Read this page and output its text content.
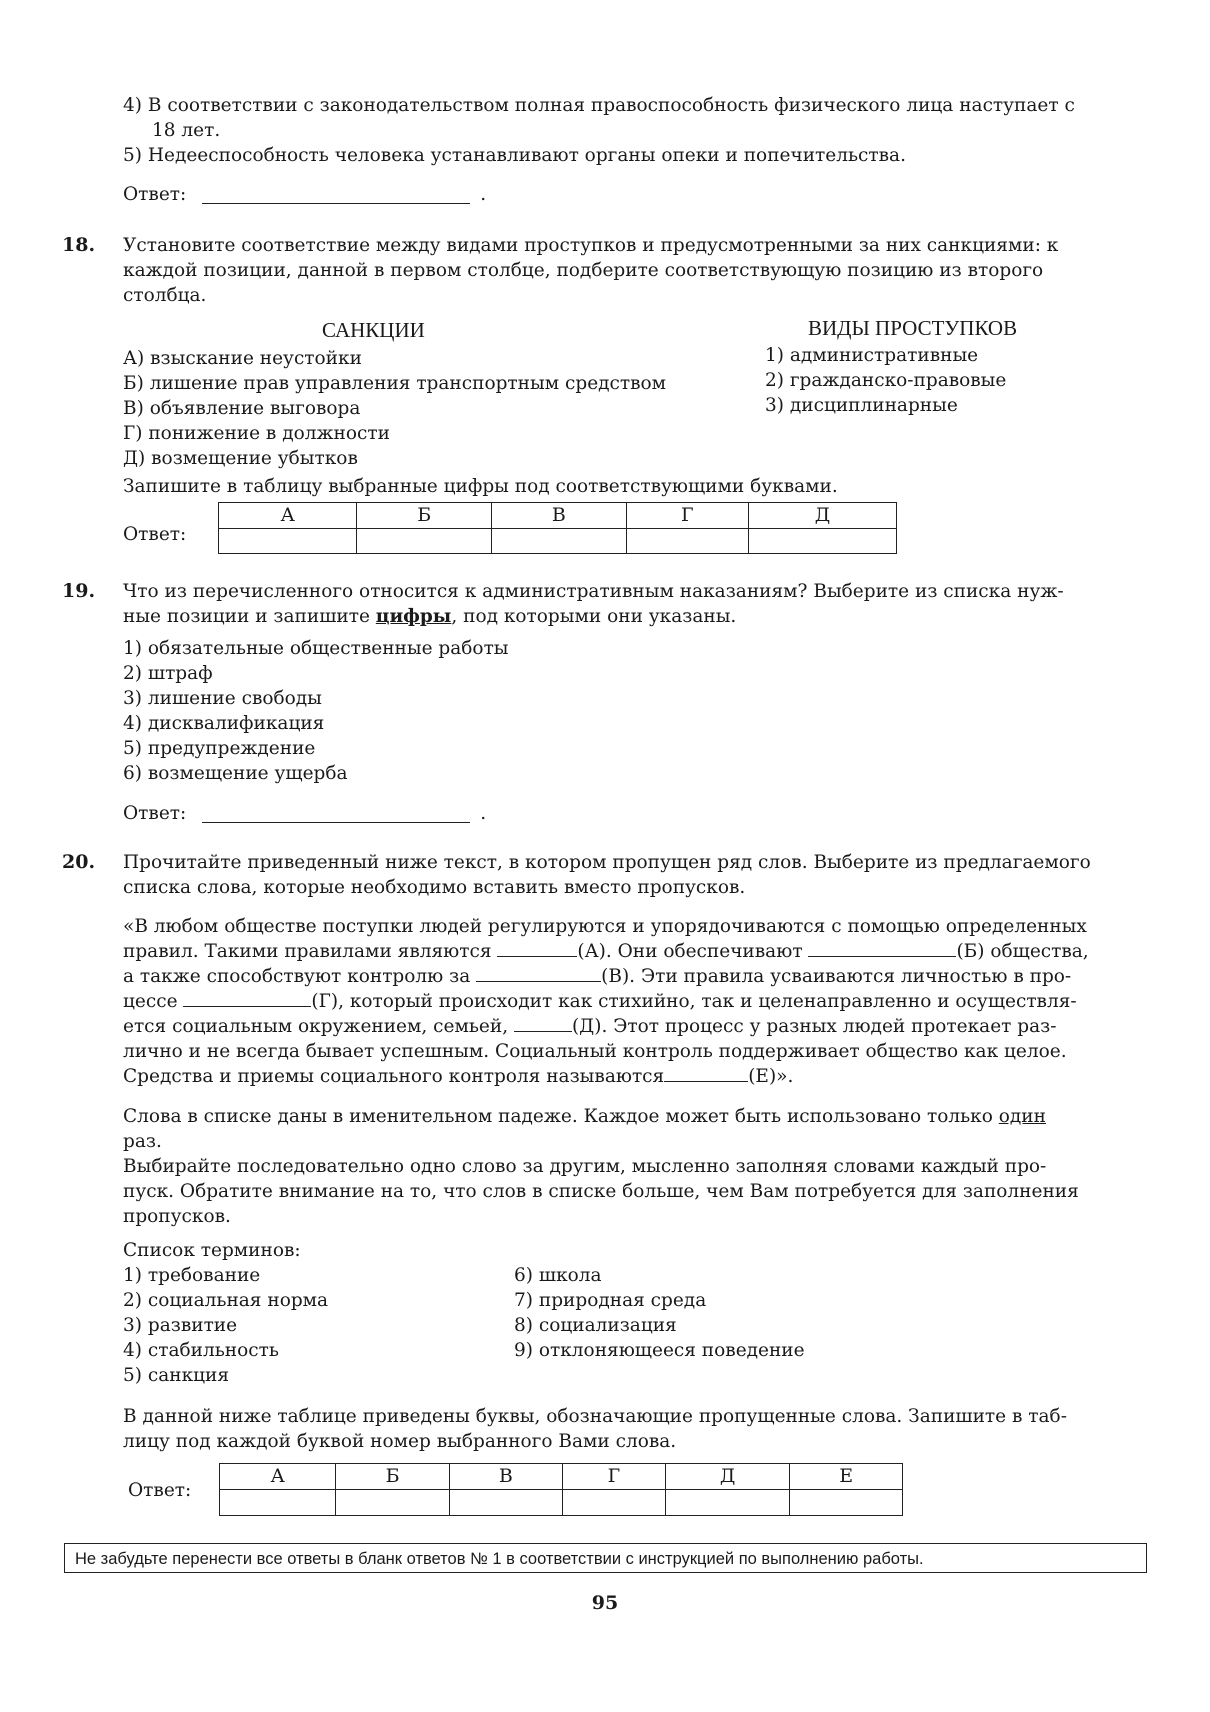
4) В соответствии с законодательством полная правоспособность физического лица наступает с
18 лет.
5) Недееспособность человека устанавливают органы опеки и попечительства.
Ответ:	.
18. Установите соответствие между видами проступков и предусмотренными за них санкциями: к
каждой позиции, данной в первом столбце, подберите соответствующую позицию из второго
столбца.
САНКЦИИ	ВИДЫ ПРОСТУПКОВ
А) взыскание неустойки
Б) лишение прав управления транспортным средством
В) объявление выговора
Г) понижение в должности
Д) возмещение убытков
1) административные
2) гражданско-правовые
3) дисциплинарные
Запишите в таблицу выбранные цифры под соответствующими буквами.
Ответ:
А	Б	В	Г	Д

19. Что из перечисленного относится к административным наказаниям? Выберите из списка нуж-
ные позиции и запишите цифры, под которыми они указаны.
1) обязательные общественные работы
2) штраф
3) лишение свободы
4) дисквалификация
5) предупреждение
6) возмещение ущерба
Ответ:	.
20. Прочитайте приведенный ниже текст, в котором пропущен ряд слов. Выберите из предлагаемого
списка слова, которые необходимо вставить вместо пропусков.
«В любом обществе поступки людей регулируются и упорядочиваются с помощью определенных
правил. Такими правилами являются	(А). Они обеспечивают	(Б) общества,
а также способствуют контролю за	(В). Эти правила усваиваются личностью в про-
цессе	(Г), который происходит как стихийно, так и целенаправленно и осуществля-
ется социальным окружением, семьей,	(Д). Этот процесс у разных людей протекает раз-
лично и не всегда бывает успешным. Социальный контроль поддерживает общество как целое.
Средства и приемы социального контроля называются	(Е)».
Слова в списке даны в именительном падеже. Каждое может быть использовано только один
раз.
Выбирайте последовательно одно слово за другим, мысленно заполняя словами каждый про-
пуск. Обратите внимание на то, что слов в списке больше, чем Вам потребуется для заполнения
пропусков.
Список терминов:
1) требование
2) социальная норма
3) развитие
4) стабильность
5) санкция
6) школа
7) природная среда
8) социализация
9) отклоняющееся поведение
В данной ниже таблице приведены буквы, обозначающие пропущенные слова. Запишите в таб-
лицу под каждой буквой номер выбранного Вами слова.
Ответ:
А	Б	В	Г	Д	Е

Не забудьте перенести все ответы в бланк ответов № 1 в соответствии с инструкцией по выполнению работы.
95
